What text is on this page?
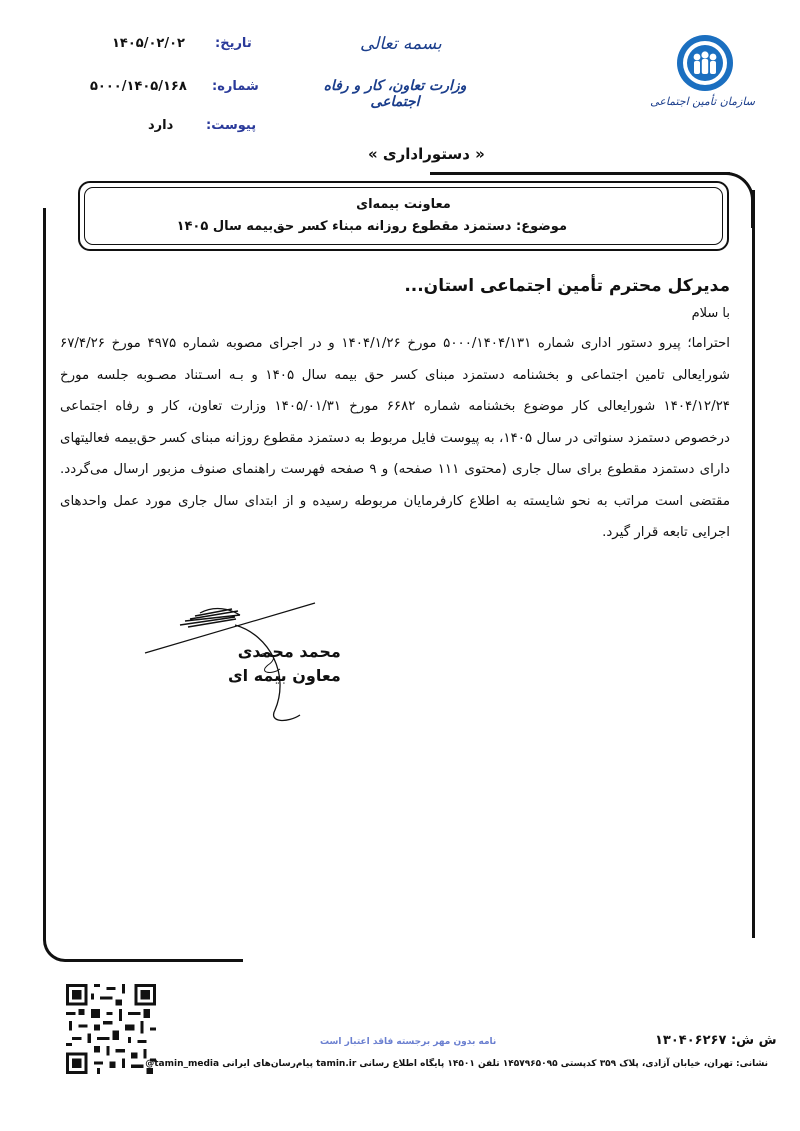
سازمان تأمین اجتماعی
بسمه تعالی
وزارت تعاون، کار و رفاه اجتماعی
تاریخ:
۱۴۰۵/۰۲/۰۲
شماره:
۵۰۰۰/۱۴۰۵/۱۶۸
پیوست:
دارد
« دستوراداری »
معاونت بیمه‌ای
موضوع: دستمزد مقطوع روزانه مبناء کسر حق‌بیمه سال ۱۴۰۵
مدیرکل محترم تأمین اجتماعی استان...
با سلام
احتراما؛ پیرو دستور اداری شماره ۵۰۰۰/۱۴۰۴/۱۳۱ مورخ ۱۴۰۴/۱/۲۶ و در اجرای مصوبه شماره ۴۹۷۵ مورخ ۶۷/۴/۲۶ شورایعالی تامین اجتماعی و بخشنامه دستمزد مبنای کسر حق بیمه سال ۱۴۰۵ و بـه اسـتناد مصـوبه جلسه مورخ ۱۴۰۴/۱۲/۲۴ شورایعالی کار موضوع بخشنامه شماره ۶۶۸۲ مورخ ۱۴۰۵/۰۱/۳۱ وزارت تعاون، کار و رفاه اجتماعی درخصوص دستمزد سنواتی در سال ۱۴۰۵، به پیوست فایل مربوط به دستمزد مقطوع روزانه مبنای کسر حق‌بیمه فعالیتهای دارای دستمزد مقطوع برای سال جاری (محتوی ۱۱۱ صفحه) و ۹ صفحه فهرست راهنمای صنوف مزبور ارسال می‌گردد. مقتضی است مراتب به نحو شایسته به اطلاع کارفرمایان مربوطه رسیده و از ابتدای سال جاری مورد عمل واحدهای اجرایی تابعه قرار گیرد.
محمد محمدی
معاون بیمه ای
نامه بدون مهر برجسته فاقد اعتبار است	ش ش: ۱۳۰۴۰۶۲۶۷
نشانی: تهران، خیابان آزادی، پلاک ۳۵۹ کدپستی ۱۴۵۷۹۶۵۰۹۵ تلفن ۱۴۵۰۱ پایگاه اطلاع رسانی tamin.ir پیام‌رسان‌های ایرانی tamin_media@
